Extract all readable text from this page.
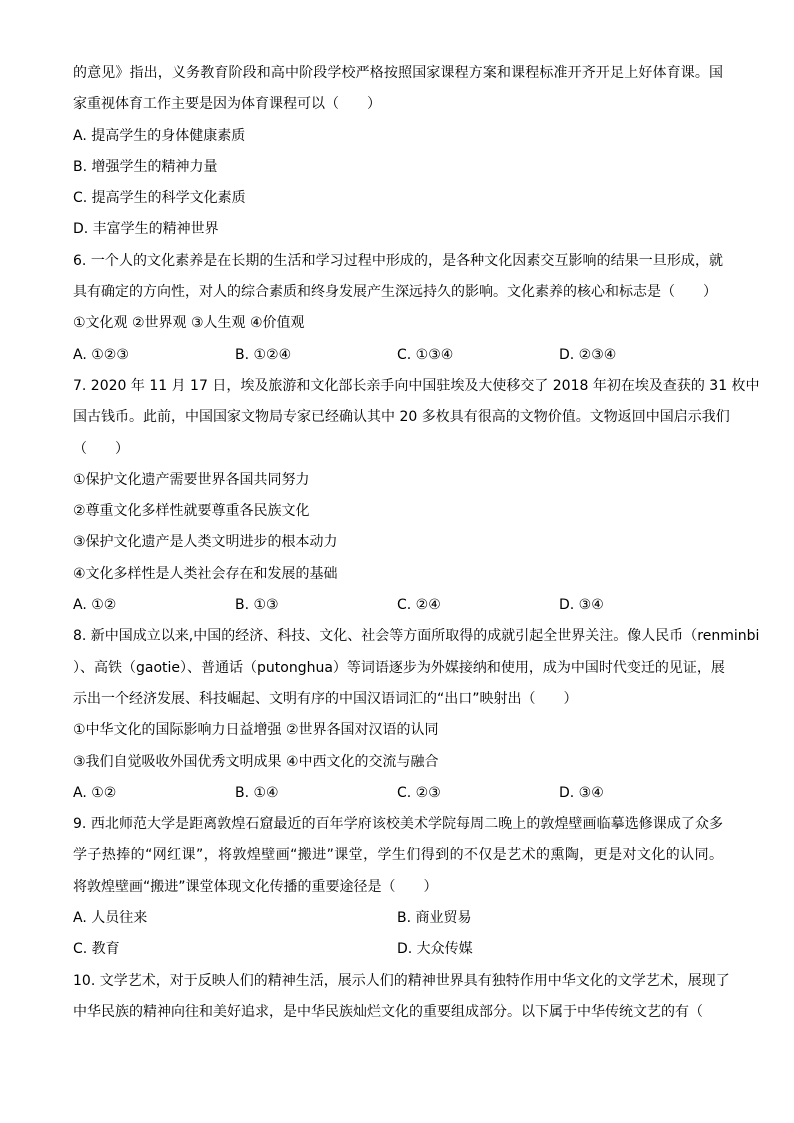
的意见》指出，义务教育阶段和高中阶段学校严格按照国家课程方案和课程标准开齐开足上好体育课。国
家重视体育工作主要是因为体育课程可以（　　）
A. 提高学生的身体健康素质
B. 增强学生的精神力量
C. 提高学生的科学文化素质
D. 丰富学生的精神世界
6. 一个人的文化素养是在长期的生活和学习过程中形成的，是各种文化因素交互影响的结果一旦形成，就
具有确定的方向性，对人的综合素质和终身发展产生深远持久的影响。文化素养的核心和标志是（　　）
①文化观 ②世界观 ③人生观 ④价值观
A. ①②③	B. ①②④	C. ①③④	D. ②③④
7. 2020 年 11 月 17 日，埃及旅游和文化部长亲手向中国驻埃及大使移交了 2018 年初在埃及查获的 31 枚中
国古钱币。此前，中国国家文物局专家已经确认其中 20 多枚具有很高的文物价值。文物返回中国启示我们
（　　）
①保护文化遗产需要世界各国共同努力
②尊重文化多样性就要尊重各民族文化
③保护文化遗产是人类文明进步的根本动力
④文化多样性是人类社会存在和发展的基础
A. ①②	B. ①③	C. ②④	D. ③④
8. 新中国成立以来,中国的经济、科技、文化、社会等方面所取得的成就引起全世界关注。像人民币（renminbi
）、高铁（gaotie）、普通话（putonghua）等词语逐步为外媒接纳和使用，成为中国时代变迁的见证，展
示出一个经济发展、科技崛起、文明有序的中国汉语词汇的“出口”映射出（　　）
①中华文化的国际影响力日益增强 ②世界各国对汉语的认同
③我们自觉吸收外国优秀文明成果 ④中西文化的交流与融合
A. ①②	B. ①④	C. ②③	D. ③④
9. 西北师范大学是距离敦煌石窟最近的百年学府该校美术学院每周二晚上的敦煌壁画临摹选修课成了众多
学子热捧的“网红课”，将敦煌壁画“搬进”课堂，学生们得到的不仅是艺术的熏陶，更是对文化的认同。
将敦煌壁画“搬进”课堂体现文化传播的重要途径是（　　）
A. 人员往来	B. 商业贸易
C. 教育	D. 大众传媒
10. 文学艺术，对于反映人们的精神生活，展示人们的精神世界具有独特作用中华文化的文学艺术，展现了
中华民族的精神向往和美好追求，是中华民族灿烂文化的重要组成部分。以下属于中华传统文艺的有（
